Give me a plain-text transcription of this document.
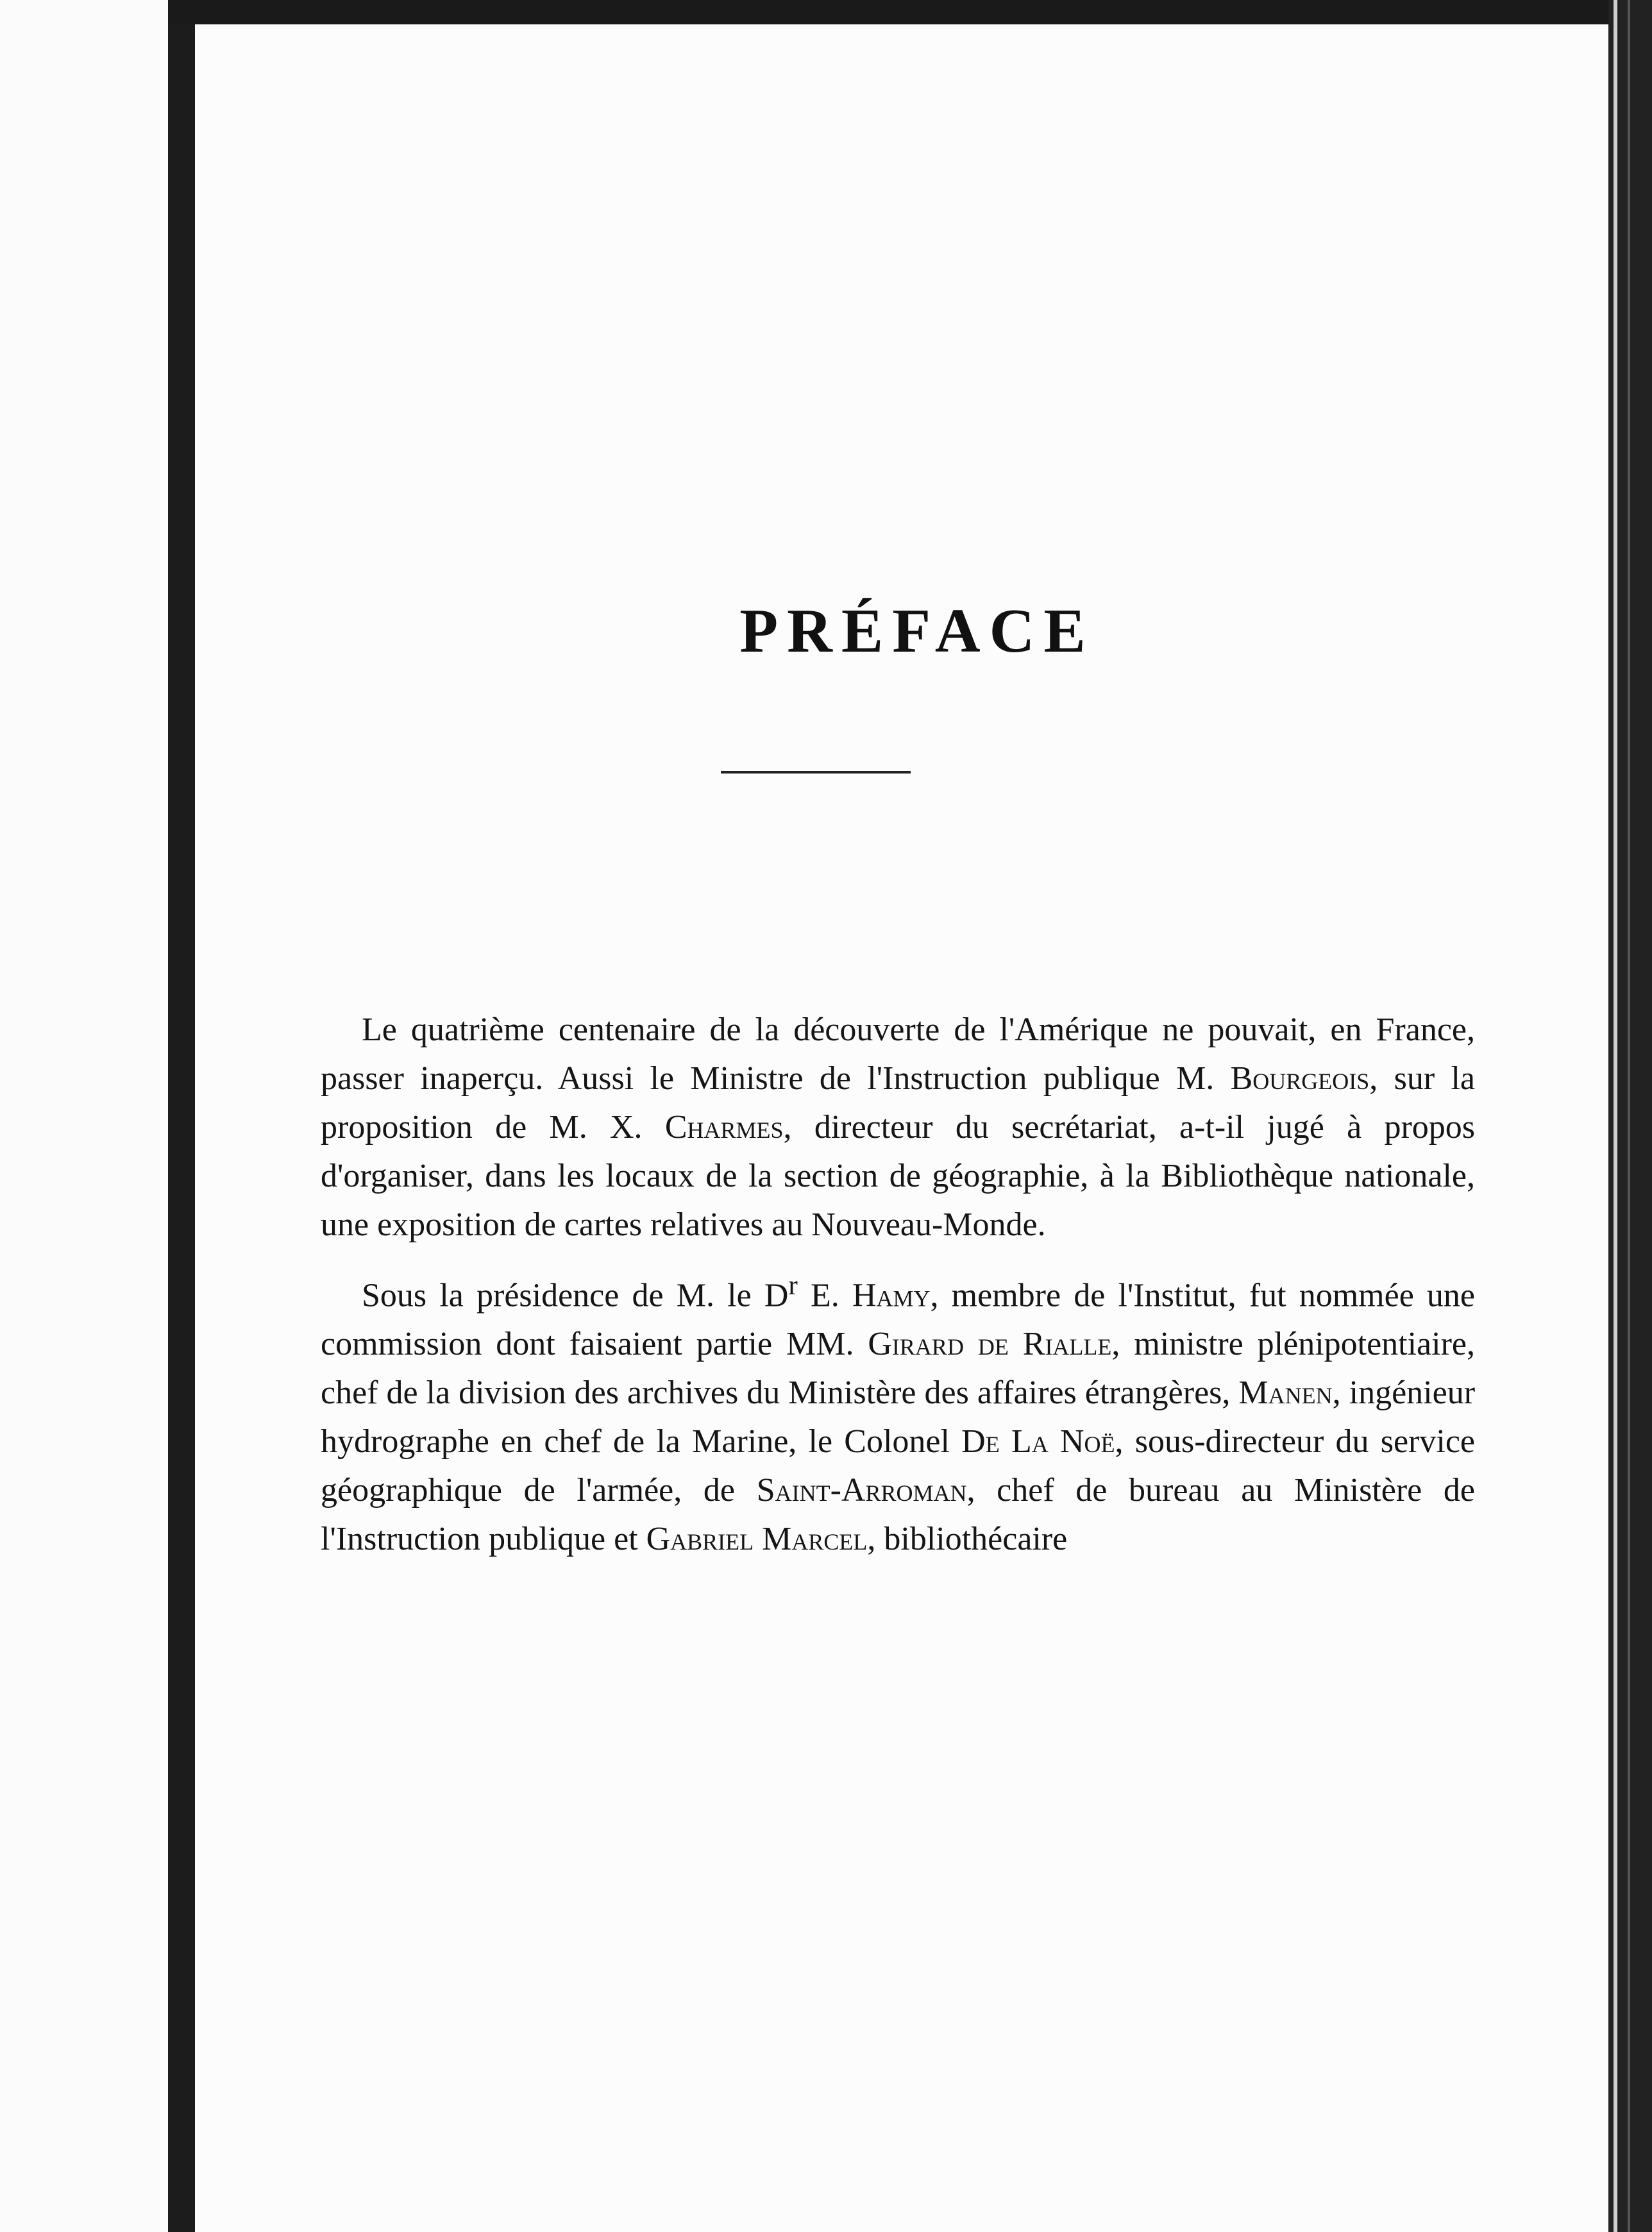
PRÉFACE

Le quatrième centenaire de la découverte de l'Amérique ne pouvait, en France, passer inaperçu. Aussi le Ministre de l'Instruction publique M. Bourgeois, sur la proposition de M. X. Charmes, directeur du secrétariat, a-t-il jugé à propos d'organiser, dans les locaux de la section de géographie, à la Bibliothèque nationale, une exposition de cartes relatives au Nouveau-Monde.

Sous la présidence de M. le $D^r$ E. Hamy, membre de l'Institut, fut nommée une commission dont faisaient partie MM. Girard de Rialle, ministre plénipotentiaire, chef de la division des archives du Ministère des affaires étrangères, Manen, ingénieur hydrographe en chef de la Marine, le Colonel De La Noë, sous-directeur du service géographique de l'armée, de Saint-Arroman, chef de bureau au Ministère de l'Instruction publique et Gabriel Marcel, bibliothécaire
